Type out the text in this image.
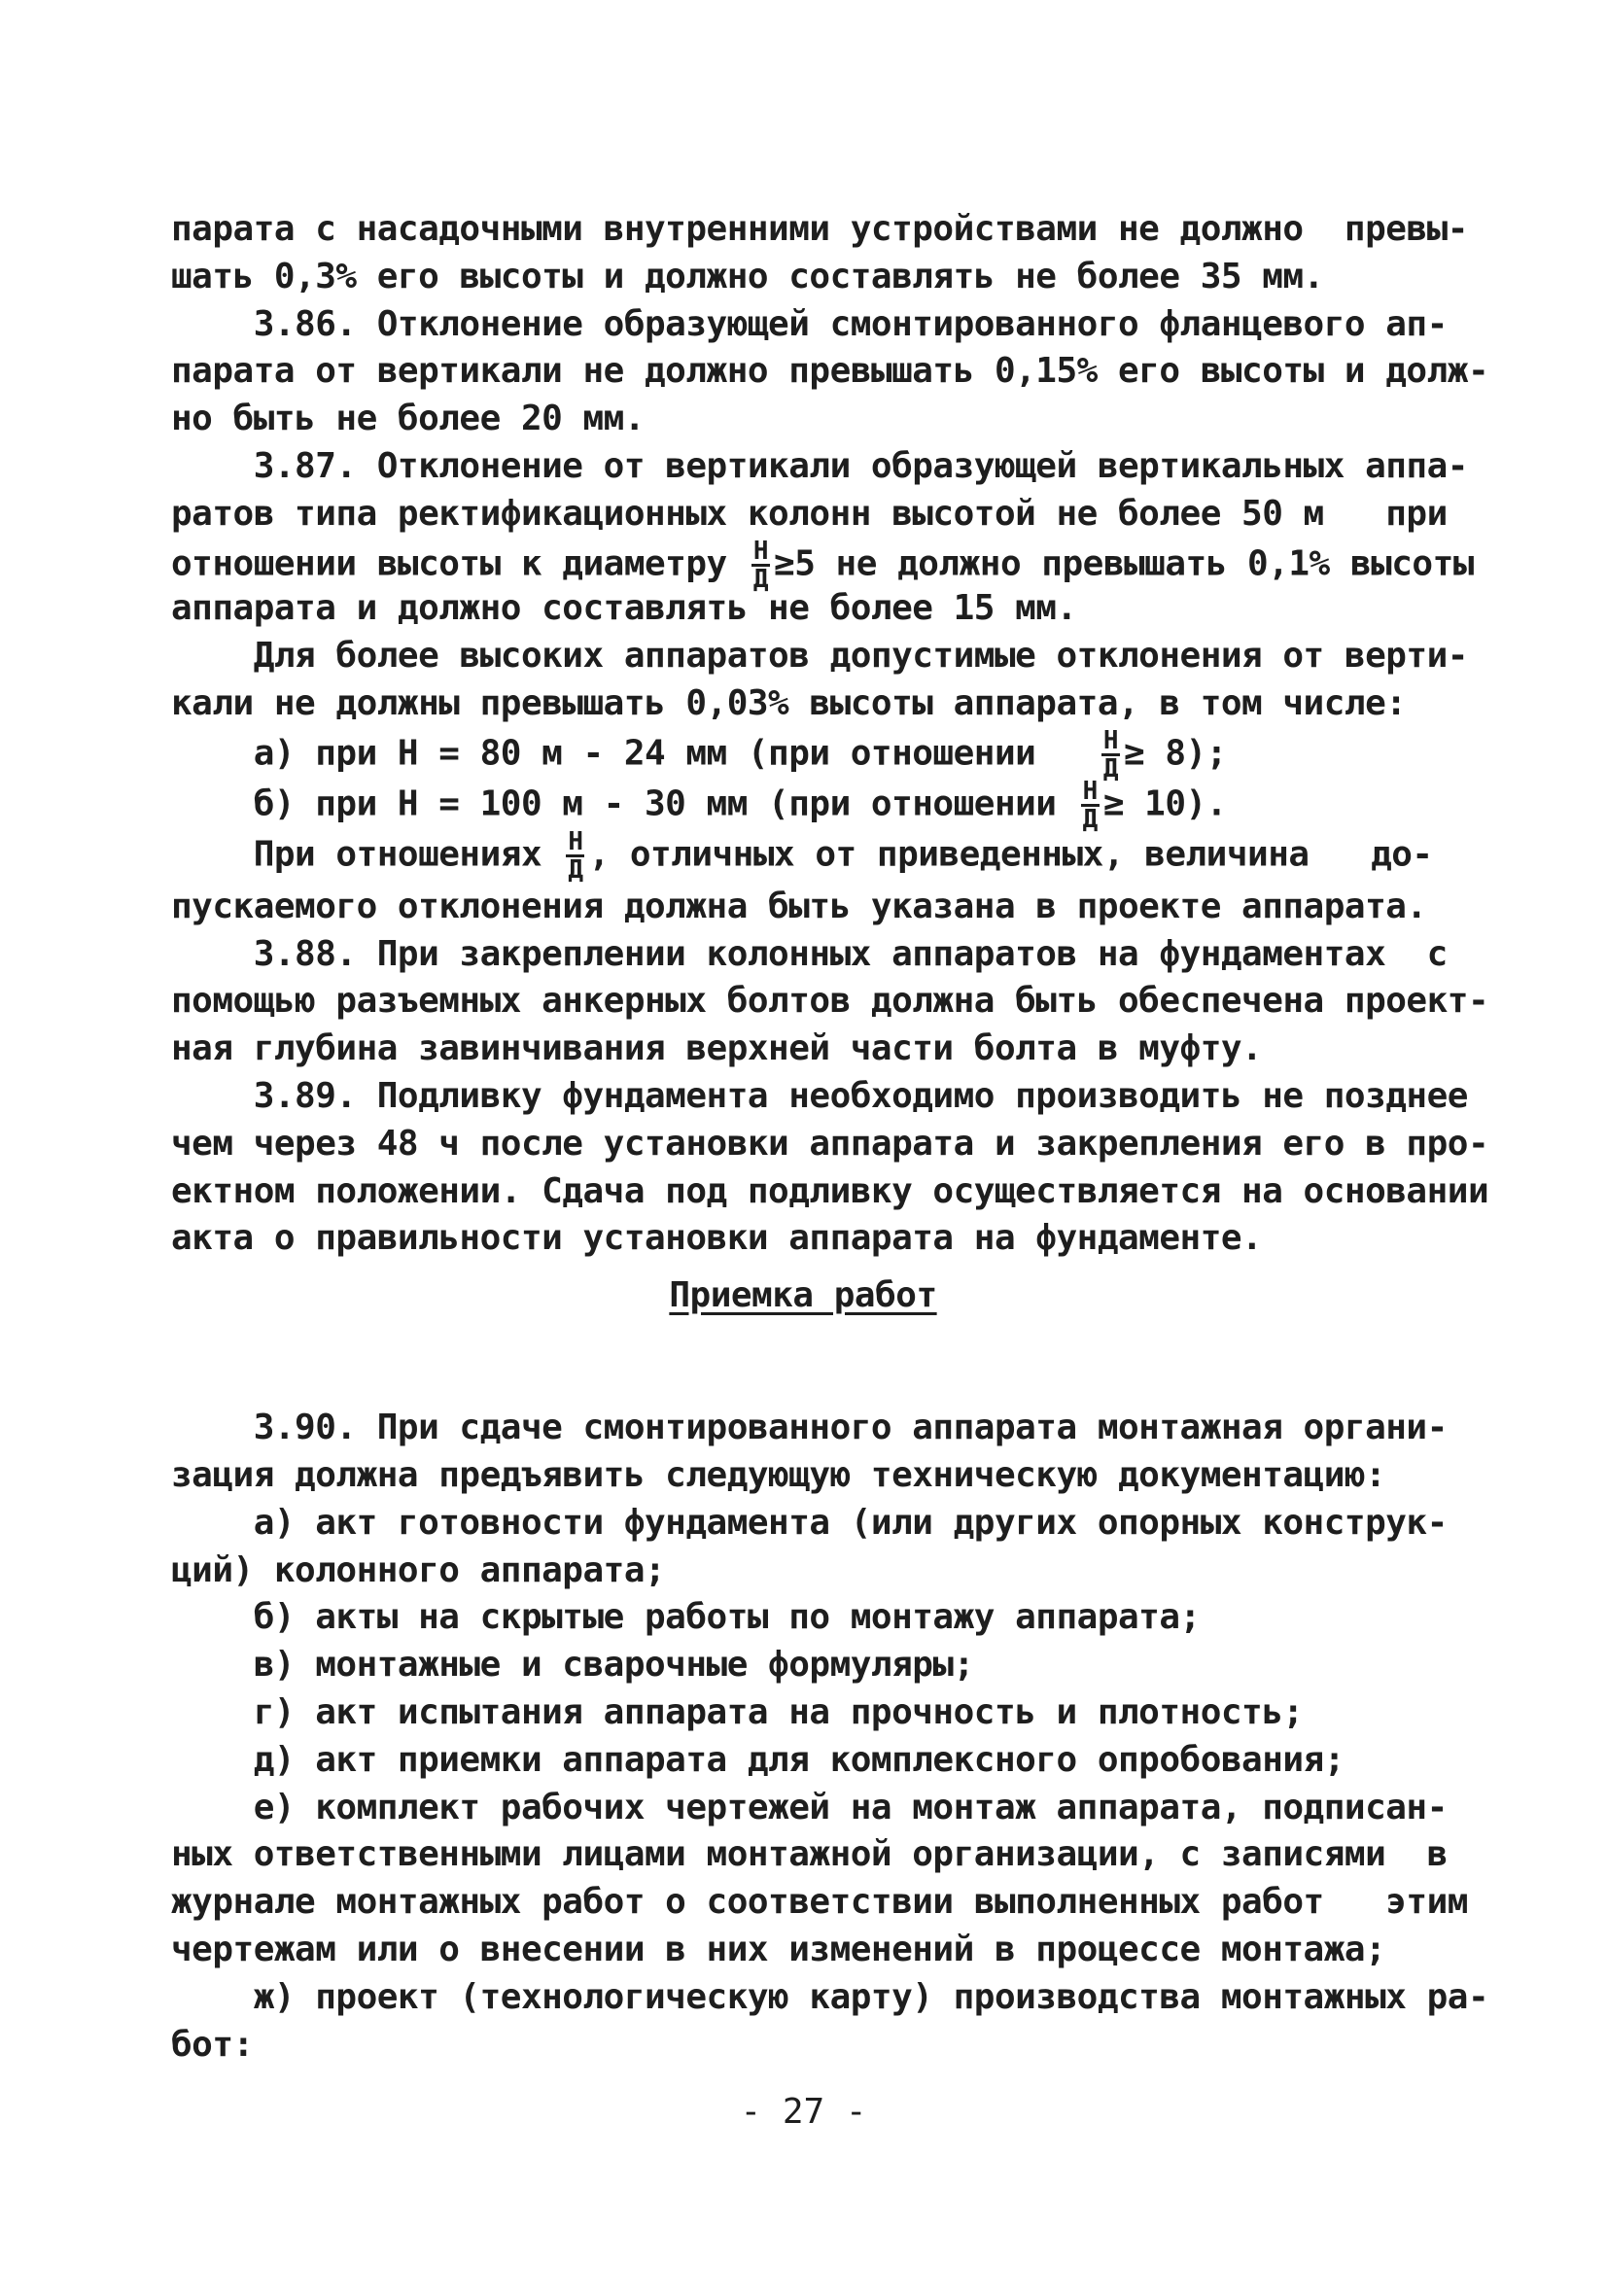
парата с насадочными внутренними устройствами не должно  превы-
шать 0,3% его высоты и должно составлять не более 35 мм.
3.86. Отклонение образующей смонтированного фланцевого ап-
парата от вертикали не должно превышать 0,15% его высоты и долж-
но быть не более 20 мм.
3.87. Отклонение от вертикали образующей вертикальных аппа-
ратов типа ректификационных колонн высотой не более 50 м   при
отношении высоты к диаметру $\frac{Н}{Д} \ge 5$ не должно превышать 0,1% высоты
аппарата и должно составлять не более 15 мм.
Для более высоких аппаратов допустимые отклонения от верти-
кали не должны превышать 0,03% высоты аппарата, в том числе:
а) при Н = 80 м - 24 мм (при отношении $\frac{Н}{Д} \ge 8$);
б) при Н = 100 м - 30 мм (при отношении $\frac{Н}{Д} \ge 10$).
При отношениях $\frac{Н}{Д}$ , отличных от приведенных, величина   до-
пускаемого отклонения должна быть указана в проекте аппарата.
3.88. При закреплении колонных аппаратов на фундаментах  с
помощью разъемных анкерных болтов должна быть обеспечена проект-
ная глубина завинчивания верхней части болта в муфту.
3.89. Подливку фундамента необходимо производить не позднее
чем через 48 ч после установки аппарата и закрепления его в про-
ектном положении. Сдача под подливку осуществляется на основании
акта о правильности установки аппарата на фундаменте.
Приемка работ
3.90. При сдаче смонтированного аппарата монтажная органи-
зация должна предъявить следующую техническую документацию:
а) акт готовности фундамента (или других опорных конструк-
ций) колонного аппарата;
б) акты на скрытые работы по монтажу аппарата;
в) монтажные и сварочные формуляры;
г) акт испытания аппарата на прочность и плотность;
д) акт приемки аппарата для комплексного опробования;
е) комплект рабочих чертежей на монтаж аппарата, подписан-
ных ответственными лицами монтажной организации, с записями  в
журнале монтажных работ о соответствии выполненных работ   этим
чертежам или о внесении в них изменений в процессе монтажа;
ж) проект (технологическую карту) производства монтажных ра-
бот:
- 27 -
